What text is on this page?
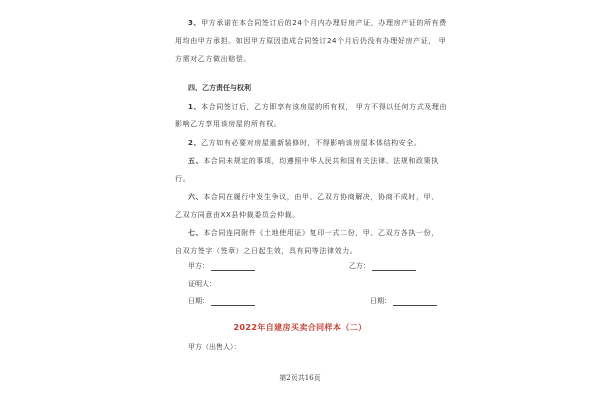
3、甲方承诺在本合同签订后的24个月内办理好房产证，办理房产证的所有费
用均由甲方承担。如因甲方原因造成合同签订24个月后仍没有办理好房产证， 甲
方需对乙方做出赔偿。
四、乙方责任与权利
1、本合同签订后，乙方即享有该房屋的所有权， 甲方不得以任何方式及理由
影响乙方享用该房屋的所有权。
2、乙方如有必要对房屋重新装修时，不得影响该房屋本体结构安全。
五、本合同未规定的事项，均遵照中华人民共和国有关法律、法规和政策执
行。
六、本合同在履行中发生争议，由甲、乙双方协商解决，协商不成时，甲、
乙双方同意由XX县仲裁委员会仲裁。
七、本合同连同附件《土地使用证》复印一式二份，甲、乙双方各执一份，
自双方签字（签章）之日起生效，具有同等法律效力。
甲方：	乙方：
证明人：
日期：	日期：
2022年自建房买卖合同样本（二）
甲方（出售人）：
第2页共16页
